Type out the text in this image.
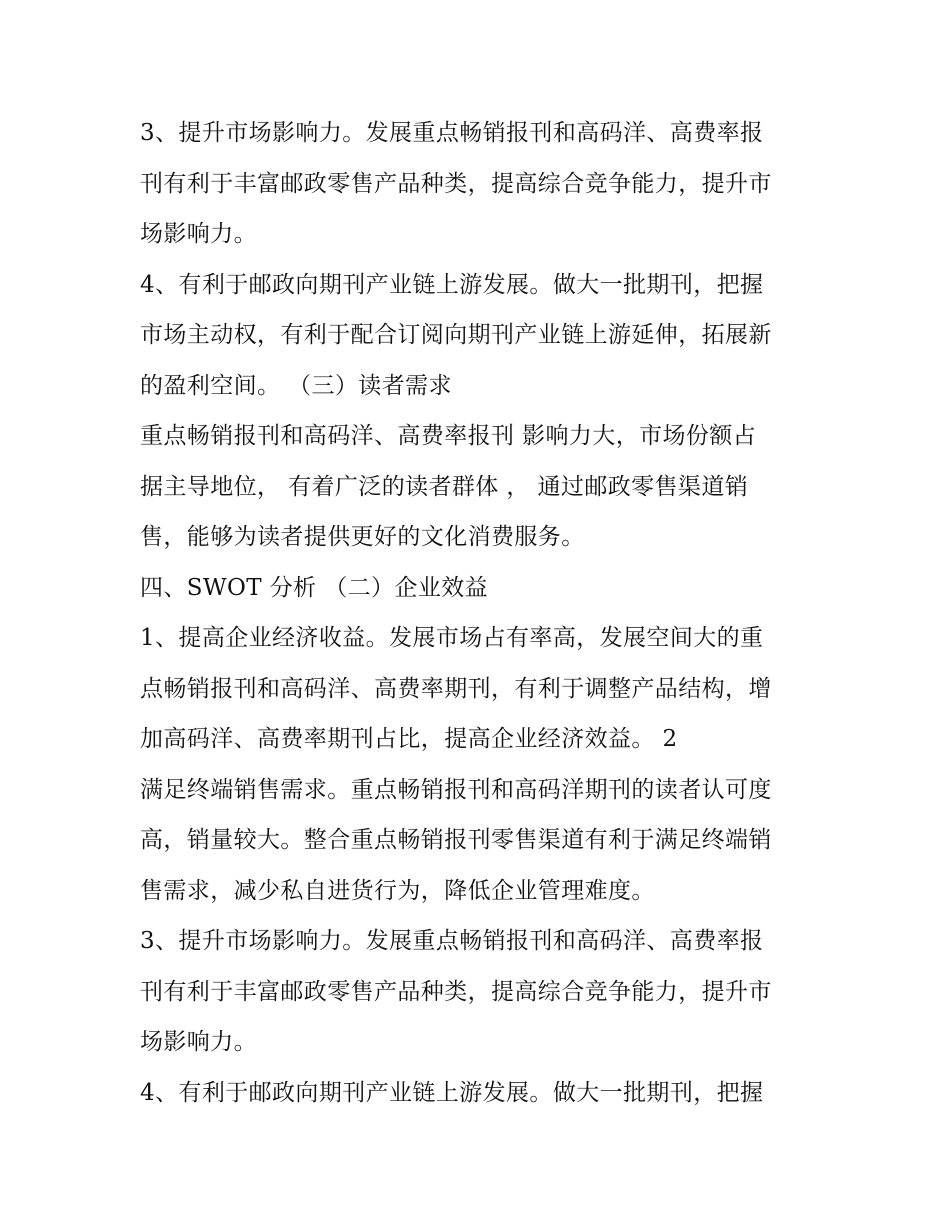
3、提升市场影响力。发展重点畅销报刊和高码洋、高费率报
刊有利于丰富邮政零售产品种类，提高综合竞争能力，提升市
场影响力。
4、有利于邮政向期刊产业链上游发展。做大一批期刊，把握
市场主动权，有利于配合订阅向期刊产业链上游延伸，拓展新
的盈利空间。 （三）读者需求
重点畅销报刊和高码洋、高费率报刊 影响力大，市场份额占
据主导地位， 有着广泛的读者群体 ， 通过邮政零售渠道销
售，能够为读者提供更好的文化消费服务。
四、SWOT 分析 （二）企业效益
1、提高企业经济收益。发展市场占有率高，发展空间大的重
点畅销报刊和高码洋、高费率期刊，有利于调整产品结构，增
加高码洋、高费率期刊占比，提高企业经济效益。 2
满足终端销售需求。重点畅销报刊和高码洋期刊的读者认可度
高，销量较大。整合重点畅销报刊零售渠道有利于满足终端销
售需求，减少私自进货行为，降低企业管理难度。
3、提升市场影响力。发展重点畅销报刊和高码洋、高费率报
刊有利于丰富邮政零售产品种类，提高综合竞争能力，提升市
场影响力。
4、有利于邮政向期刊产业链上游发展。做大一批期刊，把握
